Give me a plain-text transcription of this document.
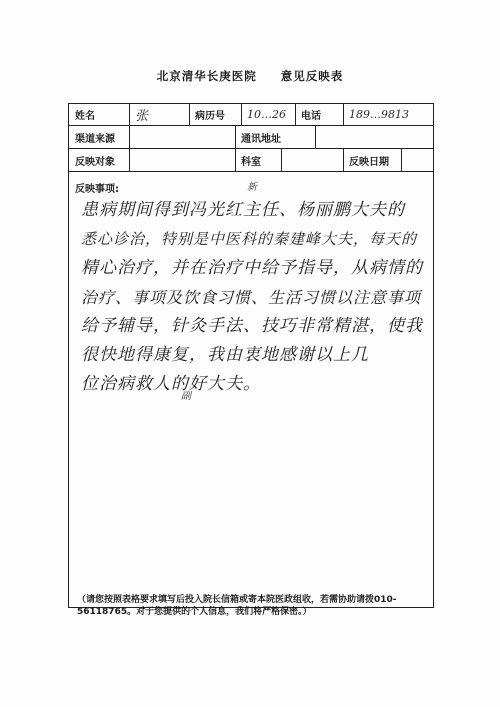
北京清华长庚医院 意见反映表
姓名	张	病历号	10…26	电话	189…9813
渠道来源	通讯地址
反映对象	科室	反映日期
反映事项:	新
副

患病期间得到冯光红主任、杨丽鹏大夫的

悉心诊治，特别是中医科的秦建峰大夫，每天的

精心治疗，并在治疗中给予指导，从病情的

治疗、事项及饮食习惯、生活习惯以注意事项

给予辅导，针灸手法、技巧非常精湛，使我

很快地得康复，我由衷地感谢以上几

位治病救人的好大夫。

（请您按照表格要求填写后投入院长信箱或寄本院医政组收，若需协助请拨010-56118765。对于您提供的个人信息，我们将严格保密。）
